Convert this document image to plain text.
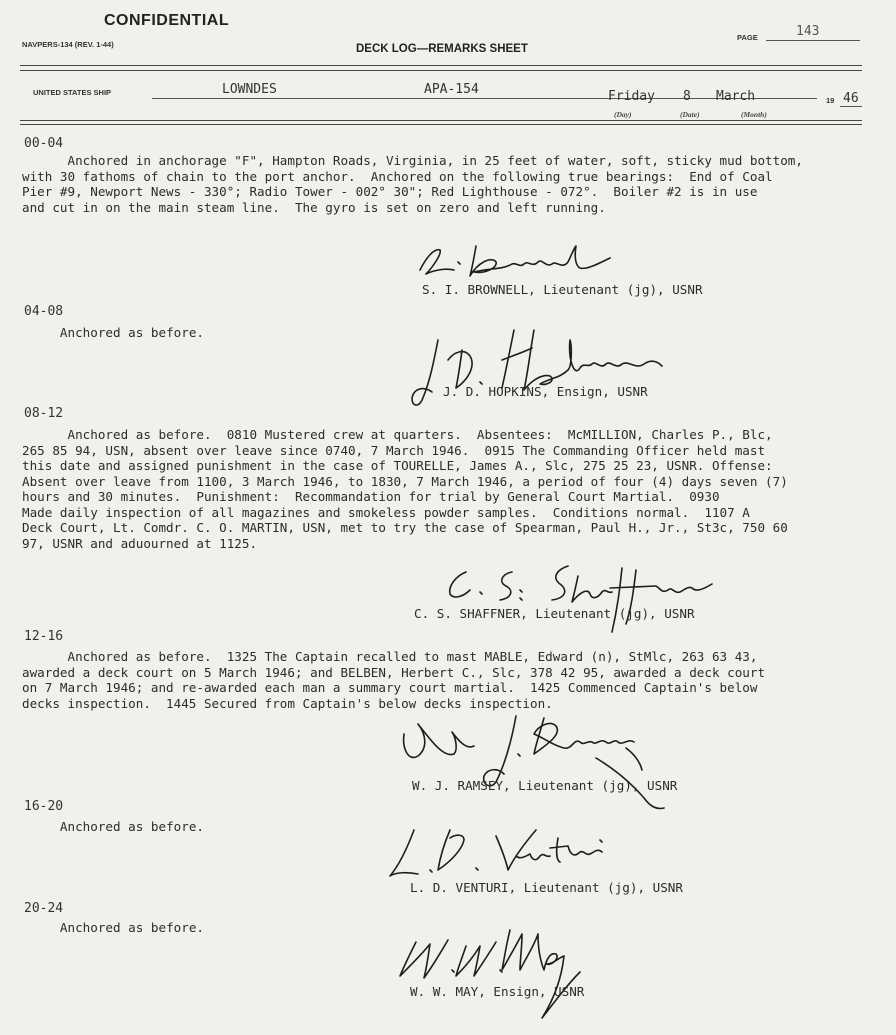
CONFIDENTIAL
NAVPERS-134 (REV. 1-44)	DECK LOG—REMARKS SHEET
PAGE	143
UNITED STATES SHIP	LOWNDES	APA-154	Friday 8 March
(Day)	(Date)	(Month)
19 46
00-04
Anchored in anchorage "F", Hampton Roads, Virginia, in 25 feet of water, soft, sticky mud bottom,
with 30 fathoms of chain to the port anchor.  Anchored on the following true bearings:  End of Coal
Pier #9, Newport News - 330°; Radio Tower - 002° 30"; Red Lighthouse - 072°.  Boiler #2 is in use
and cut in on the main steam line.  The gyro is set on zero and left running.
S. I. BROWNELL, Lieutenant (jg), USNR
04-08
Anchored as before.
J. D. HOPKINS, Ensign, USNR
08-12
Anchored as before.  0810 Mustered crew at quarters.  Absentees:  McMILLION, Charles P., Blc,
265 85 94, USN, absent over leave since 0740, 7 March 1946.  0915 The Commanding Officer held mast
this date and assigned punishment in the case of TOURELLE, James A., Slc, 275 25 23, USNR. Offense:
Absent over leave from 1100, 3 March 1946, to 1830, 7 March 1946, a period of four (4) days seven (7)
hours and 30 minutes.  Punishment:  Recommandation for trial by General Court Martial.  0930
Made daily inspection of all magazines and smokeless powder samples.  Conditions normal.  1107 A
Deck Court, Lt. Comdr. C. O. MARTIN, USN, met to try the case of Spearman, Paul H., Jr., St3c, 750 60
97, USNR and aduourned at 1125.
C. S. SHAFFNER, Lieutenant (jg), USNR
12-16
Anchored as before.  1325 The Captain recalled to mast MABLE, Edward (n), StMlc, 263 63 43,
awarded a deck court on 5 March 1946; and BELBEN, Herbert C., Slc, 378 42 95, awarded a deck court
on 7 March 1946; and re-awarded each man a summary court martial.  1425 Commenced Captain's below
decks inspection.  1445 Secured from Captain's below decks inspection.
W. J. RAMSEY, Lieutenant (jg), USNR
16-20
Anchored as before.
L. D. VENTURI, Lieutenant (jg), USNR
20-24
Anchored as before.
W. W. MAY, Ensign, USNR
